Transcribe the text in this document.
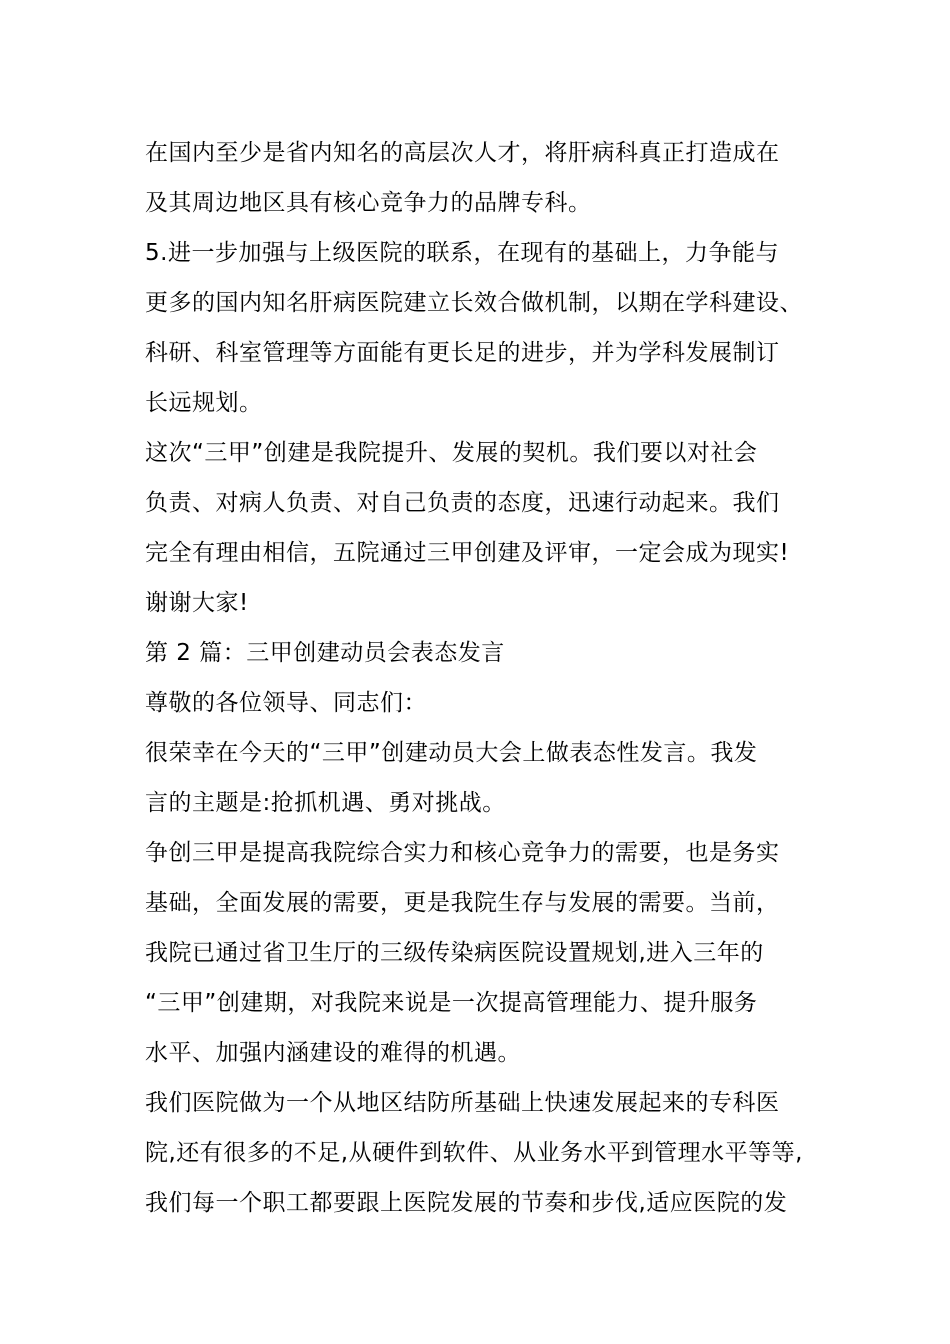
在国内至少是省内知名的高层次人才，将肝病科真正打造成在
及其周边地区具有核心竞争力的品牌专科。
5.进一步加强与上级医院的联系，在现有的基础上，力争能与
更多的国内知名肝病医院建立长效合做机制，以期在学科建设、
科研、科室管理等方面能有更长足的进步，并为学科发展制订
长远规划。
这次“三甲”创建是我院提升、发展的契机。我们要以对社会
负责、对病人负责、对自己负责的态度，迅速行动起来。我们
完全有理由相信，五院通过三甲创建及评审，一定会成为现实!
谢谢大家!
第 2 篇：三甲创建动员会表态发言
尊敬的各位领导、同志们：
很荣幸在今天的“三甲”创建动员大会上做表态性发言。我发
言的主题是:抢抓机遇、勇对挑战。
争创三甲是提高我院综合实力和核心竞争力的需要，也是务实
基础，全面发展的需要，更是我院生存与发展的需要。当前，
我院已通过省卫生厅的三级传染病医院设置规划,进入三年的
“三甲”创建期，对我院来说是一次提高管理能力、提升服务
水平、加强内涵建设的难得的机遇。
我们医院做为一个从地区结防所基础上快速发展起来的专科医
院,还有很多的不足,从硬件到软件、从业务水平到管理水平等等,
我们每一个职工都要跟上医院发展的节奏和步伐,适应医院的发
